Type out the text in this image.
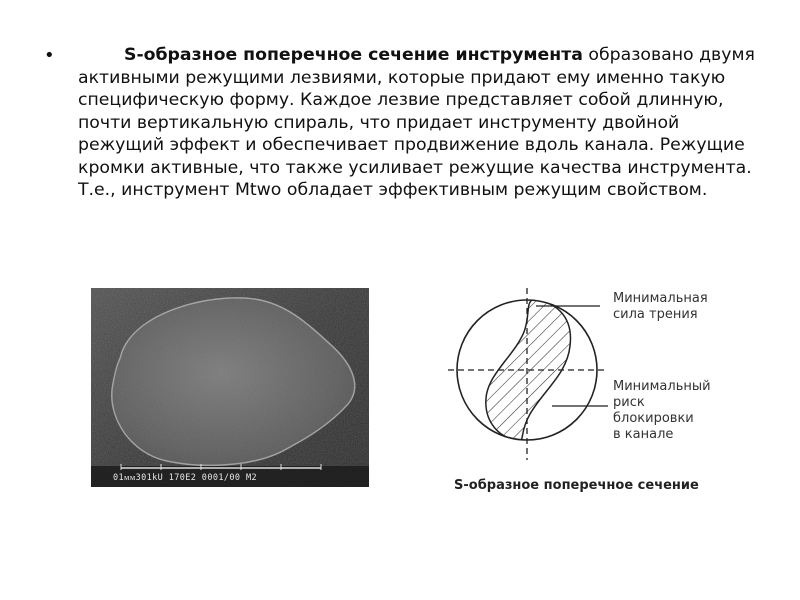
•	S-образное поперечное сечение инструмента образовано двумя активными режущими лезвиями, которые придают ему именно такую специфическую форму. Каждое лезвие представляет собой длинную, почти вертикальную спираль, что придает инструменту двойной режущий эффект и обеспечивает продвижение вдоль канала. Режущие кромки активные, что также усиливает режущие качества инструмента. Т.е., инструмент Mtwo обладает эффективным режущим свойством.
01ᴍᴍ301kU 170E2 0001/00 M2
Минимальная
сила трения
Минимальный
риск
блокировки
в канале
S-образное поперечное сечение
